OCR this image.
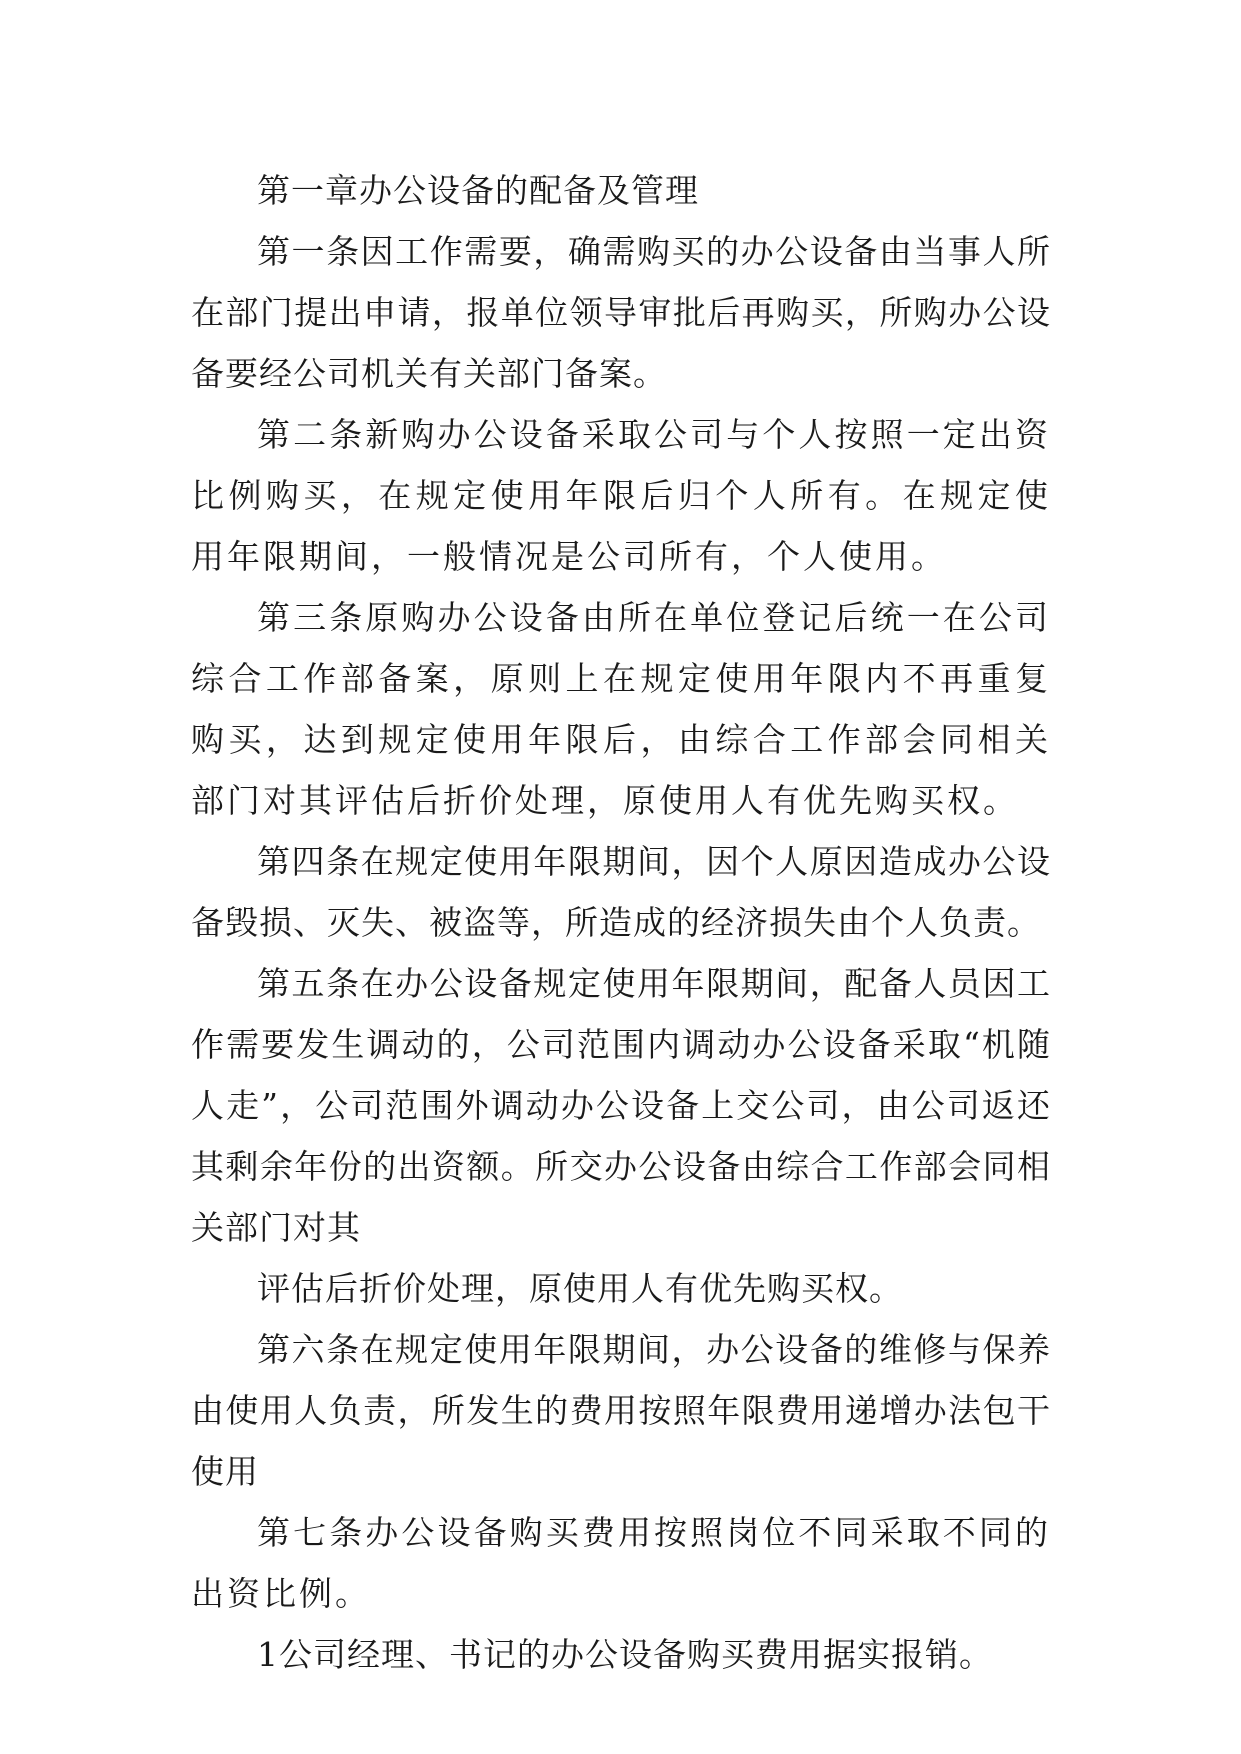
第一章办公设备的配备及管理

第一条因工作需要，确需购买的办公设备由当事人所在部门提出申请，报单位领导审批后再购买，所购办公设备要经公司机关有关部门备案。

第二条新购办公设备采取公司与个人按照一定出资比例购买，在规定使用年限后归个人所有。在规定使用年限期间，一般情况是公司所有，个人使用。

第三条原购办公设备由所在单位登记后统一在公司综合工作部备案，原则上在规定使用年限内不再重复购买，达到规定使用年限后，由综合工作部会同相关部门对其评估后折价处理，原使用人有优先购买权。

第四条在规定使用年限期间，因个人原因造成办公设备毁损、灭失、被盗等，所造成的经济损失由个人负责。

第五条在办公设备规定使用年限期间，配备人员因工作需要发生调动的，公司范围内调动办公设备采取“机随人走”，公司范围外调动办公设备上交公司，由公司返还其剩余年份的出资额。所交办公设备由综合工作部会同相关部门对其

评估后折价处理，原使用人有优先购买权。

第六条在规定使用年限期间，办公设备的维修与保养由使用人负责，所发生的费用按照年限费用递增办法包干使用

第七条办公设备购买费用按照岗位不同采取不同的出资比例。

1公司经理、书记的办公设备购买费用据实报销。
